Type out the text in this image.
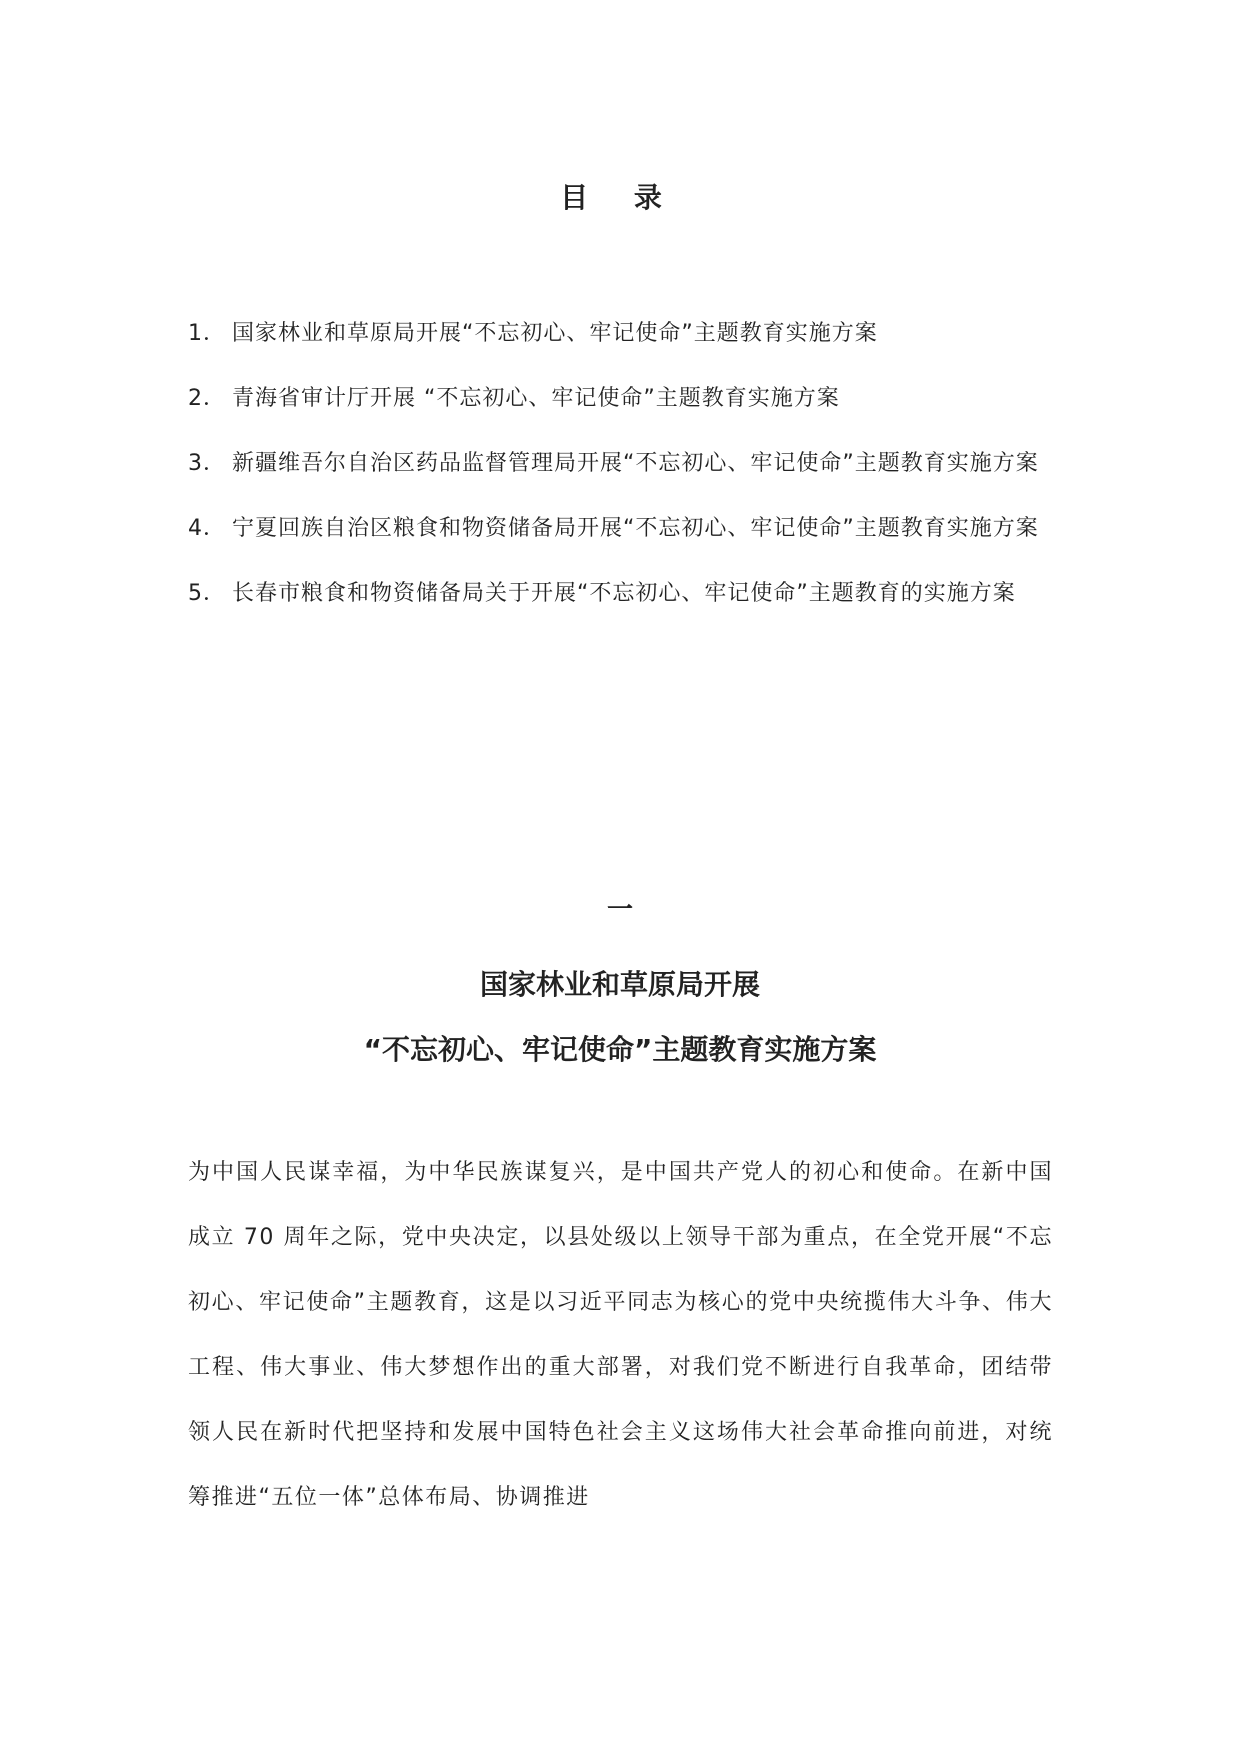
目 录
1． 国家林业和草原局开展“不忘初心、牢记使命”主题教育实施方案
2． 青海省审计厅开展 “不忘初心、牢记使命”主题教育实施方案
3． 新疆维吾尔自治区药品监督管理局开展“不忘初心、牢记使命”主题教育实施方案
4． 宁夏回族自治区粮食和物资储备局开展“不忘初心、牢记使命”主题教育实施方案
5． 长春市粮食和物资储备局关于开展“不忘初心、牢记使命”主题教育的实施方案
一
国家林业和草原局开展
“不忘初心、牢记使命”主题教育实施方案

为中国人民谋幸福，为中华民族谋复兴，是中国共产党人的初心和使命。在新中国成立 70 周年之际，党中央决定，以县处级以上领导干部为重点，在全党开展“不忘初心、牢记使命”主题教育，这是以习近平同志为核心的党中央统揽伟大斗争、伟大工程、伟大事业、伟大梦想作出的重大部署，对我们党不断进行自我革命，团结带领人民在新时代把坚持和发展中国特色社会主义这场伟大社会革命推向前进，对统筹推进“五位一体”总体布局、协调推进
